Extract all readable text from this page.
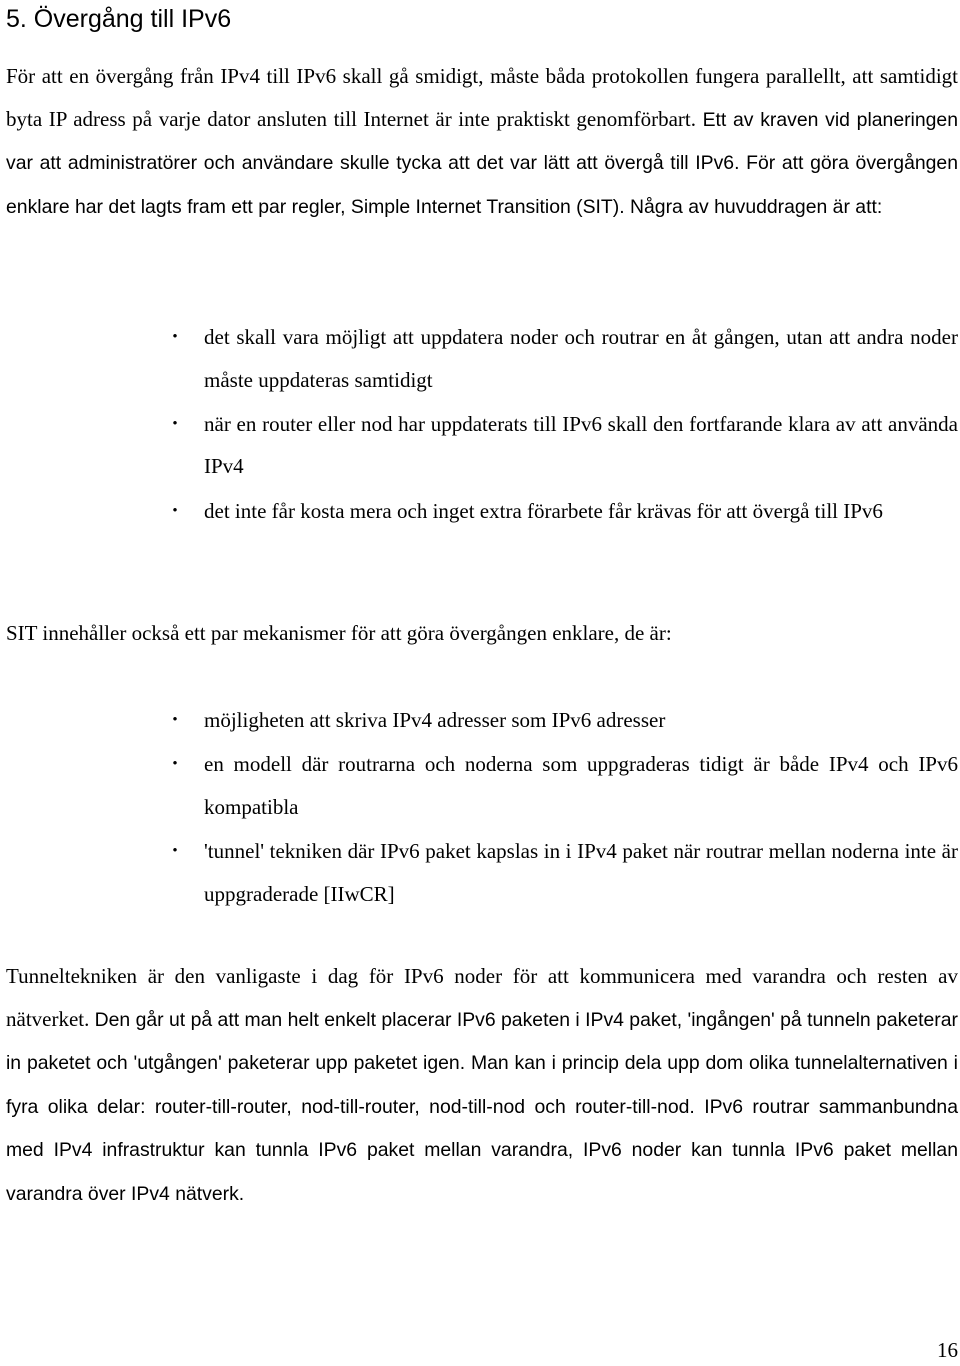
5. Övergång till IPv6

För att en övergång från IPv4 till IPv6 skall gå smidigt, måste båda protokollen fungera parallellt, att samtidigt byta IP adress på varje dator ansluten till Internet är inte praktiskt genomförbart. Ett av kraven vid planeringen var att administratörer och användare skulle tycka att det var lätt att övergå till IPv6. För att göra övergången enklare har det lagts fram ett par regler, Simple Internet Transition (SIT). Några av huvuddragen är att:

• det skall vara möjligt att uppdatera noder och routrar en åt gången, utan att andra noder måste uppdateras samtidigt
• när en router eller nod har uppdaterats till IPv6 skall den fortfarande klara av att använda IPv4
• det inte får kosta mera och inget extra förarbete får krävas för att övergå till IPv6

SIT innehåller också ett par mekanismer för att göra övergången enklare, de är:

• möjligheten att skriva IPv4 adresser som IPv6 adresser
• en modell där routrarna och noderna som uppgraderas tidigt är både IPv4 och IPv6 kompatibla
• 'tunnel' tekniken där IPv6 paket kapslas in i IPv4 paket när routrar mellan noderna inte är uppgraderade [IIwCR]

Tunneltekniken är den vanligaste i dag för IPv6 noder för att kommunicera med varandra och resten av nätverket. Den går ut på att man helt enkelt placerar IPv6 paketen i IPv4 paket, 'ingången' på tunneln paketerar in paketet och 'utgången' paketerar upp paketet igen. Man kan i princip dela upp dom olika tunnelalternativen i fyra olika delar: router-till-router, nod-till-router, nod-till-nod och router-till-nod. IPv6 routrar sammanbundna med IPv4 infrastruktur kan tunnla IPv6 paket mellan varandra, IPv6 noder kan tunnla IPv6 paket mellan varandra över IPv4 nätverk.

16
